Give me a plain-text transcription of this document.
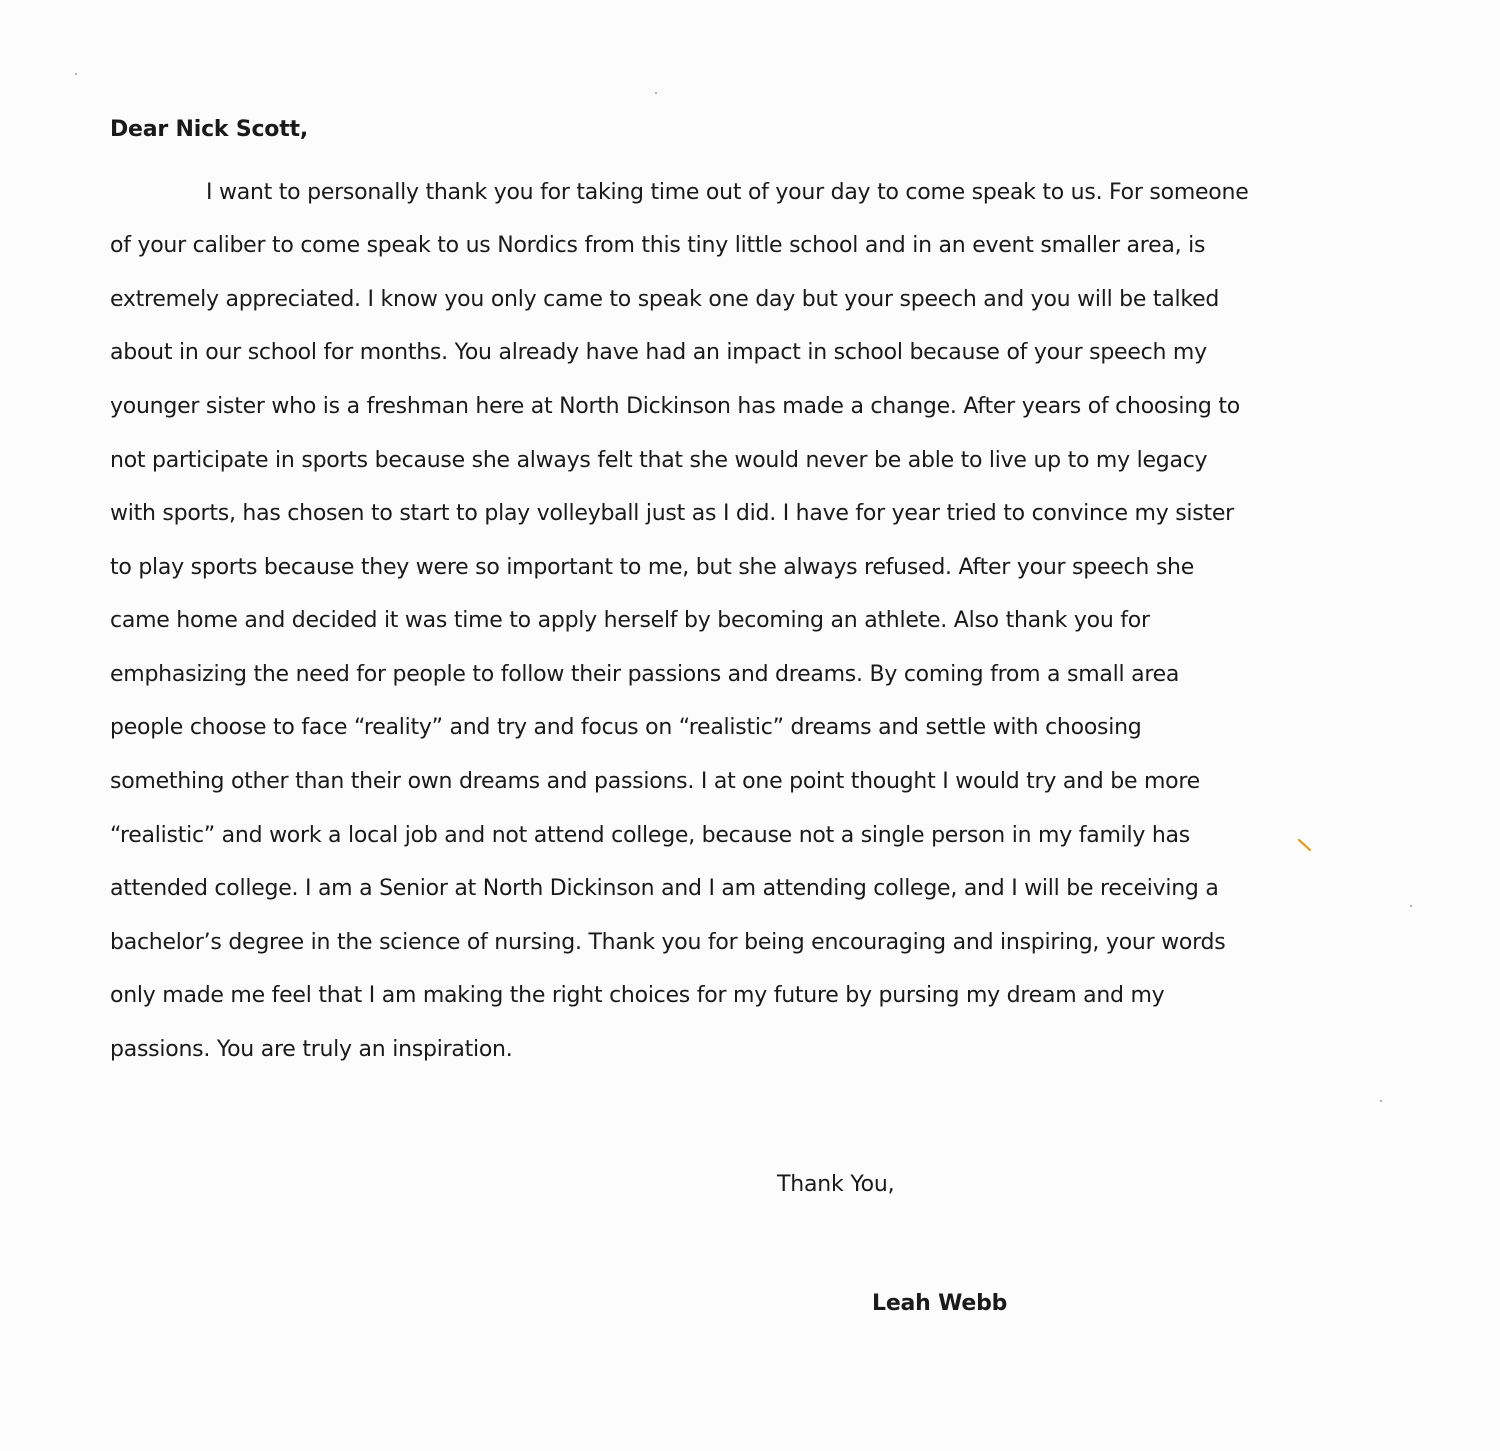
Dear Nick Scott,
I want to personally thank you for taking time out of your day to come speak to us. For someone
of your caliber to come speak to us Nordics from this tiny little school and in an event smaller area, is
extremely appreciated. I know you only came to speak one day but your speech and you will be talked
about in our school for months. You already have had an impact in school because of your speech my
younger sister who is a freshman here at North Dickinson has made a change. After years of choosing to
not participate in sports because she always felt that she would never be able to live up to my legacy
with sports, has chosen to start to play volleyball just as I did. I have for year tried to convince my sister
to play sports because they were so important to me, but she always refused. After your speech she
came home and decided it was time to apply herself by becoming an athlete. Also thank you for
emphasizing the need for people to follow their passions and dreams. By coming from a small area
people choose to face “reality” and try and focus on “realistic” dreams and settle with choosing
something other than their own dreams and passions. I at one point thought I would try and be more
“realistic” and work a local job and not attend college, because not a single person in my family has
attended college. I am a Senior at North Dickinson and I am attending college, and I will be receiving a
bachelor’s degree in the science of nursing. Thank you for being encouraging and inspiring, your words
only made me feel that I am making the right choices for my future by pursing my dream and my
passions. You are truly an inspiration.
Thank You,
Leah Webb
